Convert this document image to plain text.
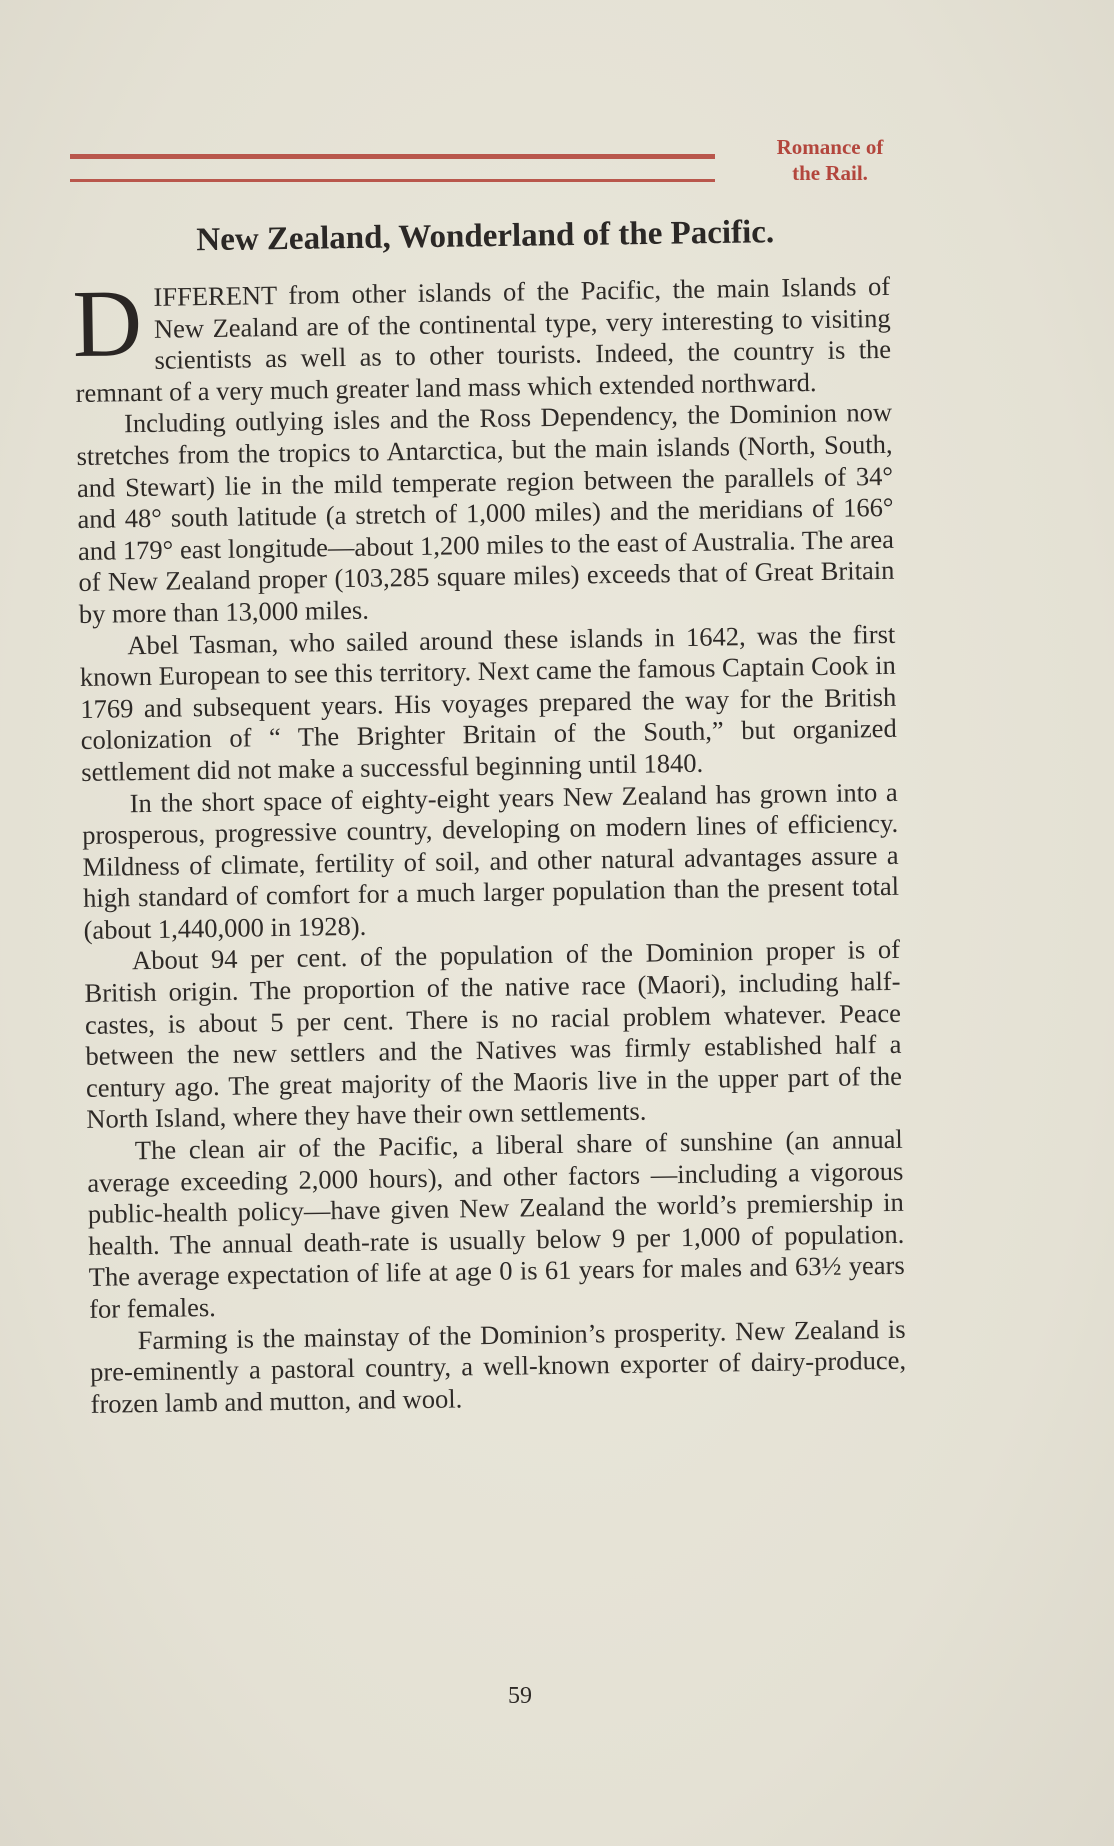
Romance of
the Rail.
New Zealand, Wonderland of the Pacific.

DIFFERENT from other islands of the Pacific, the main Islands of New Zealand are of the continental type, very interesting to visiting scientists as well as to other tourists. Indeed, the country is the remnant of a very much greater land mass which extended northward.

Including outlying isles and the Ross Dependency, the Dominion now stretches from the tropics to Antarctica, but the main islands (North, South, and Stewart) lie in the mild temperate region between the parallels of 34° and 48° south latitude (a stretch of 1,000 miles) and the meridians of 166° and 179° east longitude—about 1,200 miles to the east of Australia. The area of New Zealand proper (103,285 square miles) exceeds that of Great Britain by more than 13,000 miles.

Abel Tasman, who sailed around these islands in 1642, was the first known European to see this territory. Next came the famous Captain Cook in 1769 and subsequent years. His voyages prepared the way for the British colonization of “ The Brighter Britain of the South,” but organized settlement did not make a successful beginning until 1840.

In the short space of eighty-eight years New Zealand has grown into a prosperous, progressive country, developing on modern lines of efficiency. Mildness of climate, fertility of soil, and other natural advantages assure a high standard of comfort for a much larger population than the present total (about 1,440,000 in 1928).

About 94 per cent. of the population of the Dominion proper is of British origin. The proportion of the native race (Maori), including half-castes, is about 5 per cent. There is no racial problem whatever. Peace between the new settlers and the Natives was firmly established half a century ago. The great majority of the Maoris live in the upper part of the North Island, where they have their own settlements.

The clean air of the Pacific, a liberal share of sunshine (an annual average exceeding 2,000 hours), and other factors —including a vigorous public-health policy—have given New Zealand the world’s premiership in health. The annual death-rate is usually below 9 per 1,000 of population. The average expectation of life at age 0 is 61 years for males and 63½ years for females.

Farming is the mainstay of the Dominion’s prosperity. New Zealand is pre-eminently a pastoral country, a well-known exporter of dairy-produce, frozen lamb and mutton, and wool.

59
